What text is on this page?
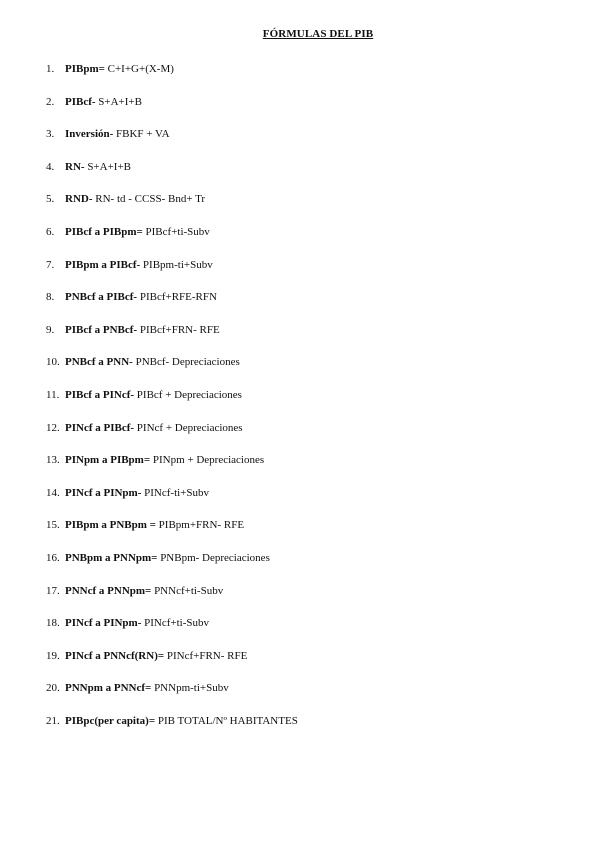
FÓRMULAS DEL PIB
1. PIBpm= C+I+G+(X-M)
2. PIBcf- S+A+I+B
3. Inversión- FBKF + VA
4. RN- S+A+I+B
5. RND- RN- td - CCSS- Bnd+ Tr
6. PIBcf a PIBpm= PIBcf+ti-Subv
7. PIBpm a PIBcf- PIBpm-ti+Subv
8. PNBcf a PIBcf- PIBcf+RFE-RFN
9. PIBcf a PNBcf- PIBcf+FRN- RFE
10. PNBcf a PNN- PNBcf- Depreciaciones
11. PIBcf a PINcf- PIBcf + Depreciaciones
12. PINcf a PIBcf- PINcf + Depreciaciones
13. PINpm a PIBpm= PINpm + Depreciaciones
14. PINcf a PINpm- PINcf-ti+Subv
15. PIBpm a PNBpm = PIBpm+FRN- RFE
16. PNBpm a PNNpm= PNBpm- Depreciaciones
17. PNNcf a PNNpm= PNNcf+ti-Subv
18. PINcf a PINpm- PINcf+ti-Subv
19. PINcf a PNNcf(RN)= PINcf+FRN- RFE
20. PNNpm a PNNcf= PNNpm-ti+Subv
21. PIBpc(per capita)= PIB TOTAL/Nº HABITANTES
